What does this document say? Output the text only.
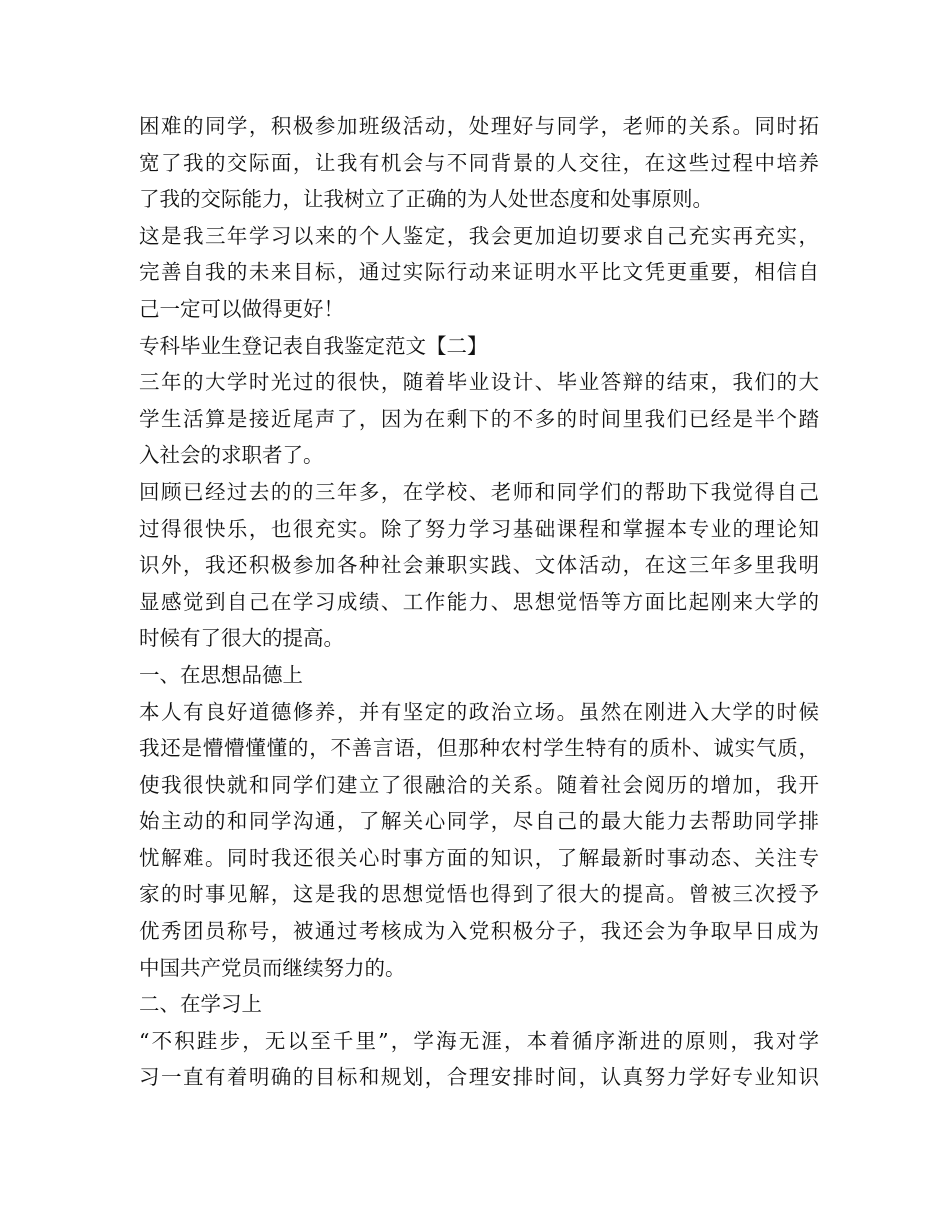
困难的同学，积极参加班级活动，处理好与同学，老师的关系。同时拓
宽了我的交际面，让我有机会与不同背景的人交往，在这些过程中培养
了我的交际能力，让我树立了正确的为人处世态度和处事原则。
这是我三年学习以来的个人鉴定，我会更加迫切要求自己充实再充实，
完善自我的未来目标，通过实际行动来证明水平比文凭更重要，相信自
己一定可以做得更好！
专科毕业生登记表自我鉴定范文【二】
三年的大学时光过的很快，随着毕业设计、毕业答辩的结束，我们的大
学生活算是接近尾声了，因为在剩下的不多的时间里我们已经是半个踏
入社会的求职者了。
回顾已经过去的的三年多，在学校、老师和同学们的帮助下我觉得自己
过得很快乐，也很充实。除了努力学习基础课程和掌握本专业的理论知
识外，我还积极参加各种社会兼职实践、文体活动，在这三年多里我明
显感觉到自己在学习成绩、工作能力、思想觉悟等方面比起刚来大学的
时候有了很大的提高。
一、在思想品德上
本人有良好道德修养，并有坚定的政治立场。虽然在刚进入大学的时候
我还是懵懵懂懂的，不善言语，但那种农村学生特有的质朴、诚实气质，
使我很快就和同学们建立了很融洽的关系。随着社会阅历的增加，我开
始主动的和同学沟通，了解关心同学，尽自己的最大能力去帮助同学排
忧解难。同时我还很关心时事方面的知识，了解最新时事动态、关注专
家的时事见解，这是我的思想觉悟也得到了很大的提高。曾被三次授予
优秀团员称号，被通过考核成为入党积极分子，我还会为争取早日成为
中国共产党员而继续努力的。
二、在学习上
“不积跬步，无以至千里”，学海无涯，本着循序渐进的原则，我对学
习一直有着明确的目标和规划，合理安排时间，认真努力学好专业知识
